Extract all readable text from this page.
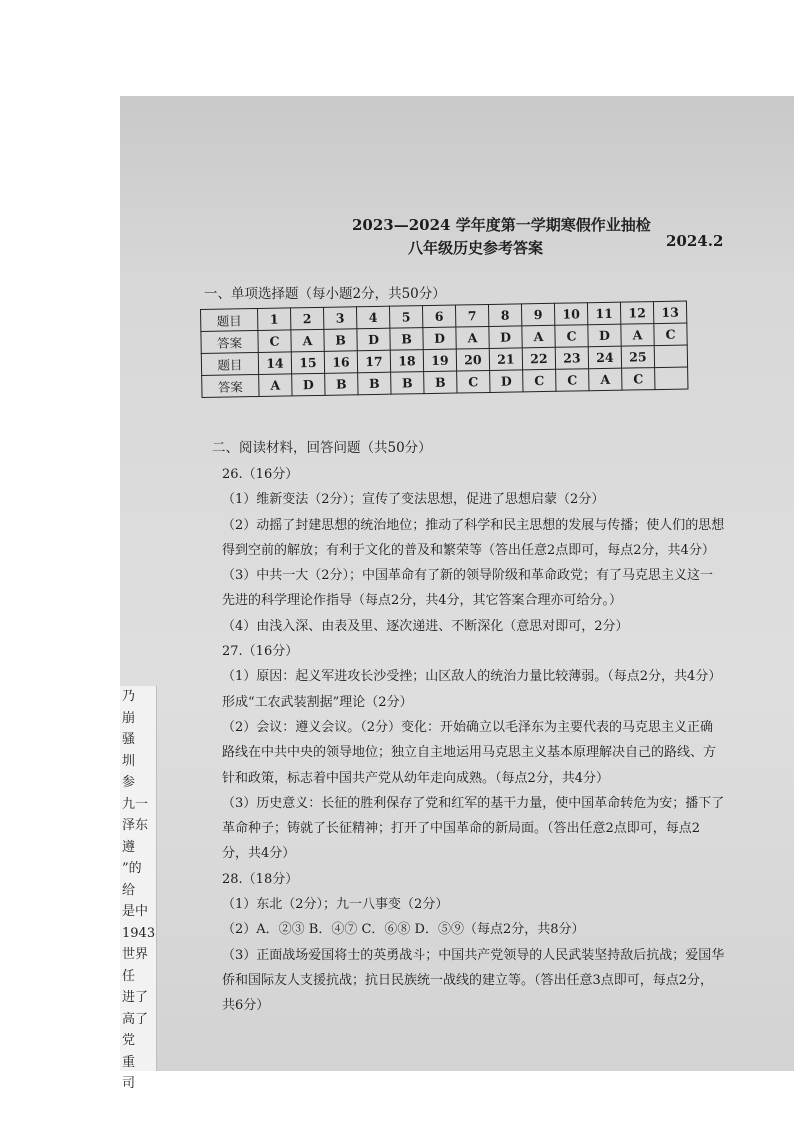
乃
崩
骚
圳
参
九一
泽东
遵
”的
给
是中
1943
世界
任
进了
高了
党
重
司
2023—2024 学年度第一学期寒假作业抽检
八年级历史参考答案	2024.2
一、单项选择题（每小题2分，共50分）
题目	1	2	3	4	5	6	7	8	9	10	11	12	13
答案	C	A	B	D	B	D	A	D	A	C	D	A	C
题目	14	15	16	17	18	19	20	21	22	23	24	25	
答案	A	D	B	B	B	B	C	D	C	C	A	C	
二、阅读材料，回答问题（共50分）
26.（16分）
（1）维新变法（2分）；宣传了变法思想，促进了思想启蒙（2分）
（2）动摇了封建思想的统治地位；推动了科学和民主思想的发展与传播；使人们的思想
得到空前的解放；有利于文化的普及和繁荣等（答出任意2点即可，每点2分，共4分）
（3）中共一大（2分）；中国革命有了新的领导阶级和革命政党；有了马克思主义这一
先进的科学理论作指导（每点2分，共4分，其它答案合理亦可给分。）
（4）由浅入深、由表及里、逐次递进、不断深化（意思对即可，2分）
27.（16分）
（1）原因：起义军进攻长沙受挫；山区敌人的统治力量比较薄弱。（每点2分，共4分）
形成“工农武装割据”理论（2分）
（2）会议：遵义会议。（2分）变化：开始确立以毛泽东为主要代表的马克思主义正确
路线在中共中央的领导地位；独立自主地运用马克思主义基本原理解决自己的路线、方
针和政策，标志着中国共产党从幼年走向成熟。（每点2分，共4分）
（3）历史意义：长征的胜利保存了党和红军的基干力量，使中国革命转危为安；播下了
革命种子；铸就了长征精神；打开了中国革命的新局面。（答出任意2点即可，每点2
分，共4分）
28.（18分）
（1）东北（2分）；九一八事变（2分）
（2）A．②③ B．④⑦ C．⑥⑧ D．⑤⑨（每点2分，共8分）
（3）正面战场爱国将士的英勇战斗；中国共产党领导的人民武装坚持敌后抗战；爱国华
侨和国际友人支援抗战；抗日民族统一战线的建立等。（答出任意3点即可，每点2分，
共6分）
